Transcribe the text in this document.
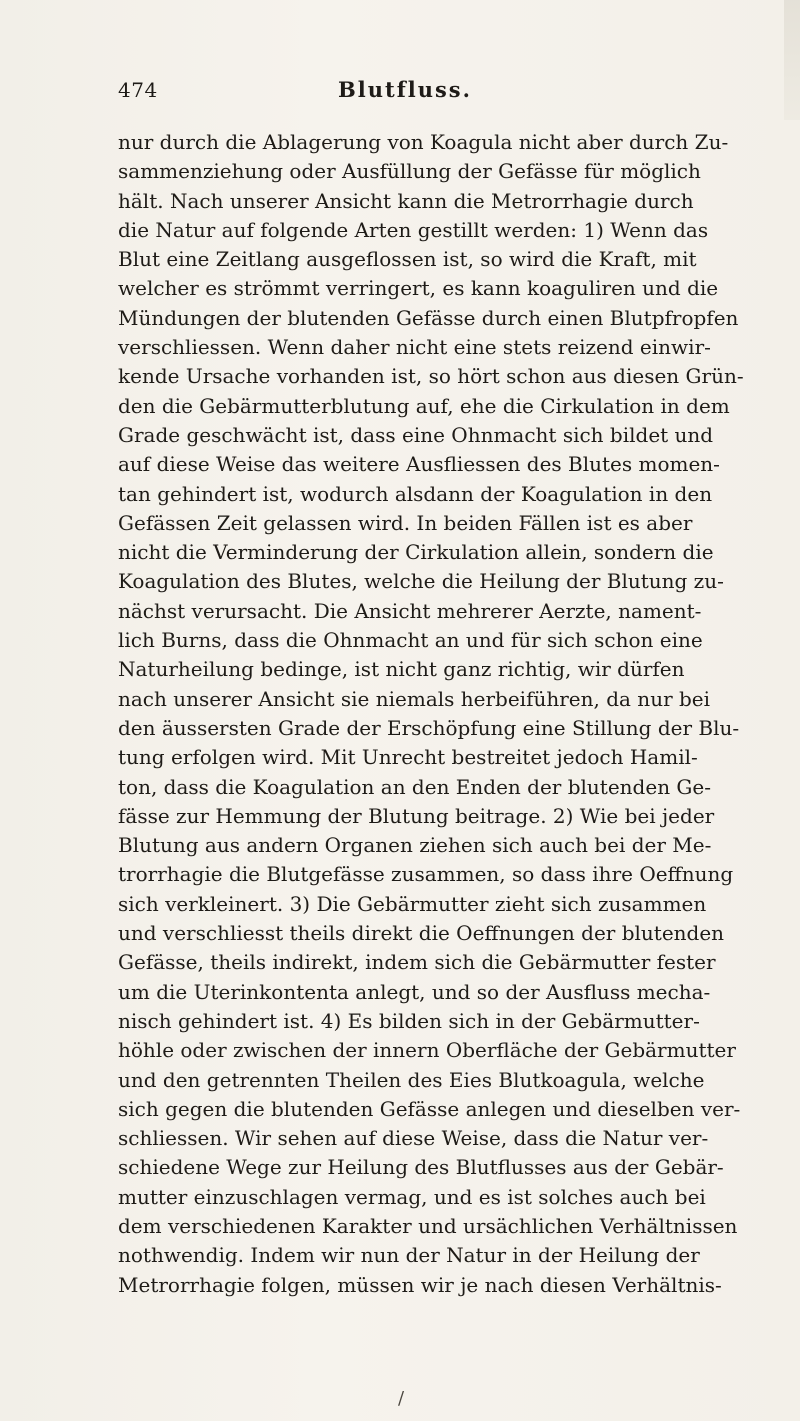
474	Blutfluss.
nur durch die Ablagerung von Koagula nicht aber durch Zu-
sammenziehung oder Ausfüllung der Gefässe für möglich
hält. Nach unserer Ansicht kann die Metrorrhagie durch
die Natur auf folgende Arten gestillt werden: 1) Wenn das
Blut eine Zeitlang ausgeflossen ist, so wird die Kraft, mit
welcher es strömmt verringert, es kann koaguliren und die
Mündungen der blutenden Gefässe durch einen Blutpfropfen
verschliessen. Wenn daher nicht eine stets reizend einwir-
kende Ursache vorhanden ist, so hört schon aus diesen Grün-
den die Gebärmutterblutung auf, ehe die Cirkulation in dem
Grade geschwächt ist, dass eine Ohnmacht sich bildet und
auf diese Weise das weitere Ausfliessen des Blutes momen-
tan gehindert ist, wodurch alsdann der Koagulation in den
Gefässen Zeit gelassen wird. In beiden Fällen ist es aber
nicht die Verminderung der Cirkulation allein, sondern die
Koagulation des Blutes, welche die Heilung der Blutung zu-
nächst verursacht. Die Ansicht mehrerer Aerzte, nament-
lich Burns, dass die Ohnmacht an und für sich schon eine
Naturheilung bedinge, ist nicht ganz richtig, wir dürfen
nach unserer Ansicht sie niemals herbeiführen, da nur bei
den äussersten Grade der Erschöpfung eine Stillung der Blu-
tung erfolgen wird. Mit Unrecht bestreitet jedoch Hamil-
ton, dass die Koagulation an den Enden der blutenden Ge-
fässe zur Hemmung der Blutung beitrage. 2) Wie bei jeder
Blutung aus andern Organen ziehen sich auch bei der Me-
trorrhagie die Blutgefässe zusammen, so dass ihre Oeffnung
sich verkleinert. 3) Die Gebärmutter zieht sich zusammen
und verschliesst theils direkt die Oeffnungen der blutenden
Gefässe, theils indirekt, indem sich die Gebärmutter fester
um die Uterinkontenta anlegt, und so der Ausfluss mecha-
nisch gehindert ist. 4) Es bilden sich in der Gebärmutter-
höhle oder zwischen der innern Oberfläche der Gebärmutter
und den getrennten Theilen des Eies Blutkoagula, welche
sich gegen die blutenden Gefässe anlegen und dieselben ver-
schliessen. Wir sehen auf diese Weise, dass die Natur ver-
schiedene Wege zur Heilung des Blutflusses aus der Gebär-
mutter einzuschlagen vermag, und es ist solches auch bei
dem verschiedenen Karakter und ursächlichen Verhältnissen
nothwendig. Indem wir nun der Natur in der Heilung der
Metrorrhagie folgen, müssen wir je nach diesen Verhältnis-
/
